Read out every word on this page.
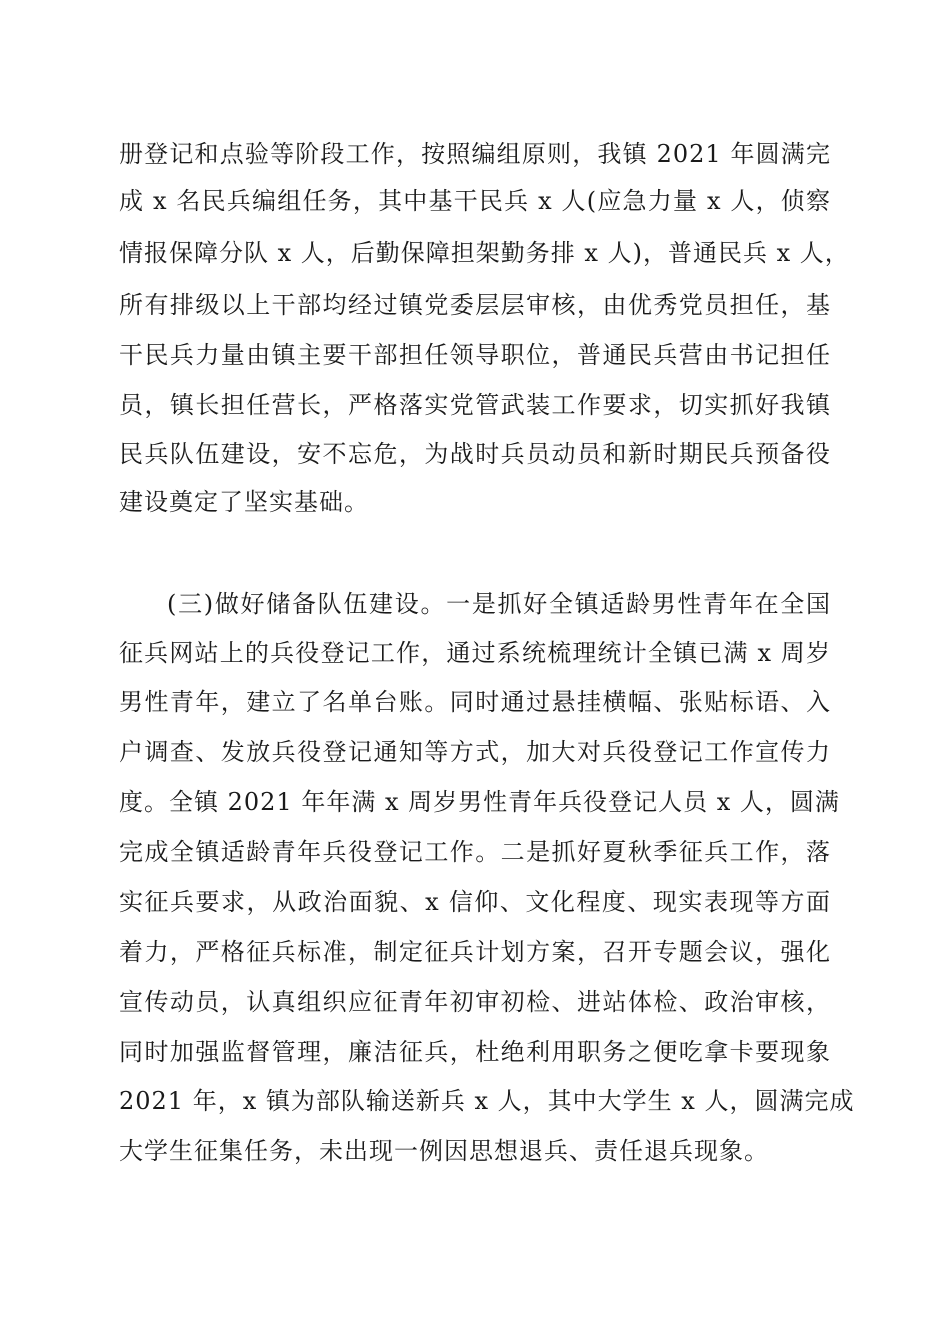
册登记和点验等阶段工作，按照编组原则，我镇 2021 年圆满完
成 x 名民兵编组任务，其中基干民兵 x 人(应急力量 x 人，侦察
情报保障分队 x 人，后勤保障担架勤务排 x 人)，普通民兵 x 人，
所有排级以上干部均经过镇党委层层审核，由优秀党员担任，基
干民兵力量由镇主要干部担任领导职位，普通民兵营由书记担任
员，镇长担任营长，严格落实党管武装工作要求，切实抓好我镇
民兵队伍建设，安不忘危，为战时兵员动员和新时期民兵预备役
建设奠定了坚实基础。
(三)做好储备队伍建设。一是抓好全镇适龄男性青年在全国
征兵网站上的兵役登记工作，通过系统梳理统计全镇已满 x 周岁
男性青年，建立了名单台账。同时通过悬挂横幅、张贴标语、入
户调查、发放兵役登记通知等方式，加大对兵役登记工作宣传力
度。全镇 2021 年年满 x 周岁男性青年兵役登记人员 x 人，圆满
完成全镇适龄青年兵役登记工作。二是抓好夏秋季征兵工作，落
实征兵要求，从政治面貌、x 信仰、文化程度、现实表现等方面
着力，严格征兵标准，制定征兵计划方案，召开专题会议，强化
宣传动员，认真组织应征青年初审初检、进站体检、政治审核，
同时加强监督管理，廉洁征兵，杜绝利用职务之便吃拿卡要现象
2021 年，x 镇为部队输送新兵 x 人，其中大学生 x 人，圆满完成
大学生征集任务，未出现一例因思想退兵、责任退兵现象。
